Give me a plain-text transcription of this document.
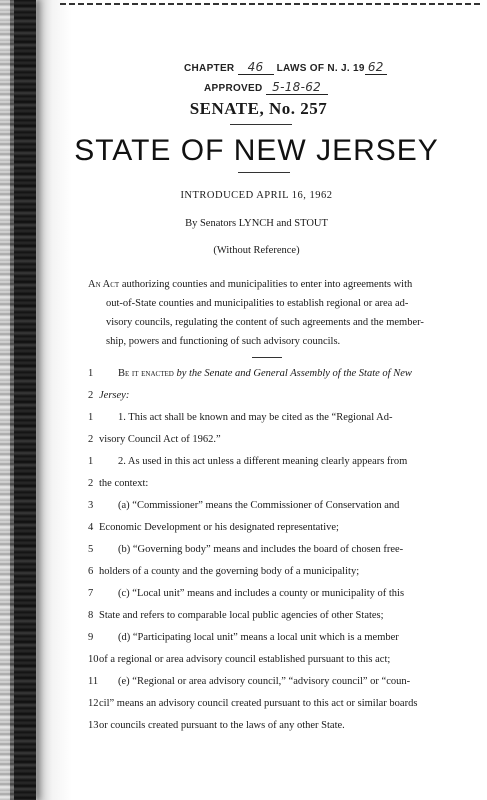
CHAPTER 46 LAWS OF N. J. 19 62
APPROVED 5-18-62
SENATE, No. 257
STATE OF NEW JERSEY
INTRODUCED APRIL 16, 1962
By Senators LYNCH and STOUT
(Without Reference)
An Act authorizing counties and municipalities to enter into agreements with
out-of-State counties and municipalities to establish regional or area ad-
visory councils, regulating the content of such agreements and the member-
ship, powers and functioning of such advisory councils.
1	Be it enacted by the Senate and General Assembly of the State of New
2 Jersey:
1	1. This act shall be known and may be cited as the “Regional Ad-
2 visory Council Act of 1962.”
1	2. As used in this act unless a different meaning clearly appears from
2 the context:
3	(a) “Commissioner” means the Commissioner of Conservation and
4 Economic Development or his designated representative;
5	(b) “Governing body” means and includes the board of chosen free-
6 holders of a county and the governing body of a municipality;
7	(c) “Local unit” means and includes a county or municipality of this
8 State and refers to comparable local public agencies of other States;
9	(d) “Participating local unit” means a local unit which is a member
10 of a regional or area advisory council established pursuant to this act;
11	(e) “Regional or area advisory council,” “advisory council” or “coun-
12 cil” means an advisory council created pursuant to this act or similar boards
13 or councils created pursuant to the laws of any other State.
